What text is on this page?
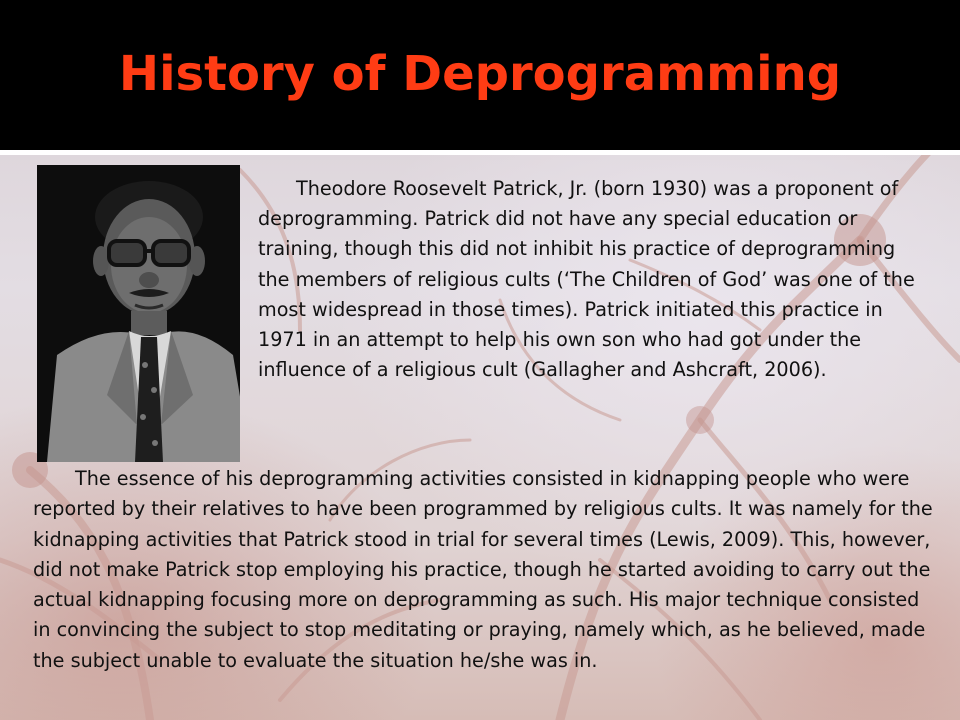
History of Deprogramming

Theodore Roosevelt Patrick, Jr. (born 1930) was a proponent of deprogramming. Patrick did not have any special education or training, though this did not inhibit his practice of deprogramming the members of religious cults (‘The Children of God’ was one of the most widespread in those times). Patrick initiated this practice in 1971 in an attempt to help his own son who had got under the influence of a religious cult (Gallagher and Ashcraft, 2006).

The essence of his deprogramming activities consisted in kidnapping people who were reported by their relatives to have been programmed by religious cults. It was namely for the kidnapping activities that Patrick stood in trial for several times (Lewis, 2009). This, however, did not make Patrick stop employing his practice, though he started avoiding to carry out the actual kidnapping focusing more on deprogramming as such. His major technique consisted in convincing the subject to stop meditating or praying, namely which, as he believed, made the subject unable to evaluate the situation he/she was in.
